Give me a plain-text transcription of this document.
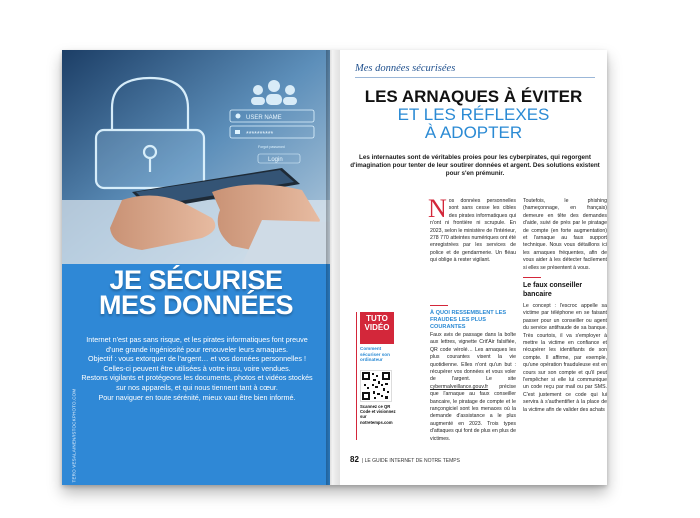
USER NAME
**********
Forgot password
Login
TERO VESALAINEN/ISTOCKPHOTO.COM
JE SÉCURISE
MES DONNÉES

Internet n'est pas sans risque, et les pirates informatiques font preuve

d'une grande ingéniosité pour renouveler leurs arnaques.

Objectif : vous extorquer de l'argent… et vos données personnelles !

Celles-ci peuvent être utilisées à votre insu, voire vendues.

Restons vigilants et protégeons les documents, photos et vidéos stockés

sur nos appareils, et qui nous tiennent tant à cœur.

Pour naviguer en toute sérénité, mieux vaut être bien informé.

Mes données sécurisées
LES ARNAQUES À ÉVITER
ET LES RÉFLEXES
À ADOPTER
Les internautes sont de véritables proies pour les cyberpirates, qui regorgent d'imagination pour tenter de leur soutirer données et argent. Des solutions existent pour s'en prémunir.
Nos données personnelles sont sans cesse les cibles des pirates informatiques qui n'ont ni frontière ni scrupule. En 2023, selon le ministère de l'Intérieur, 278 770 atteintes numériques ont été enregistrées par les services de police et de gendarmerie. Un fléau qui oblige à rester vigilant.
À QUOI RESSEMBLENT LES FRAUDES LES PLUS COURANTES
Faux avis de passage dans la boîte aux lettres, vignette Crit'Air falsifiée, QR code vérolé… Les arnaques les plus courantes visent la vie quotidienne. Elles n'ont qu'un but : récupérer vos données et vous voler de l'argent. Le site cybermalveillance.gouv.fr précise que l'arnaque au faux conseiller bancaire, le piratage de compte et le rançongiciel sont les menaces où la demande d'assistance a le plus augmenté en 2023. Trois types d'attaques qui font de plus en plus de victimes.
Toutefois, le phishing (hameçonnage, en français) demeure en tête des demandes d'aide, suivi de près par le piratage de compte (en forte augmentation) et l'arnaque au faux support technique. Nous vous détaillons ici les arnaques fréquentes, afin de vous aider à les détecter facilement si elles se présentent à vous.
Le faux conseiller bancaire
Le concept : l'escroc appelle sa victime par téléphone en se faisant passer pour un conseiller ou agent du service antifraude de sa banque. Très courtois, il va s'employer à mettre la victime en confiance et récupérer les identifiants de son compte. Il affirme, par exemple, qu'une opération frauduleuse est en cours sur son compte et qu'il peut l'empêcher si elle lui communique un code reçu par mail ou par SMS. C'est justement ce code qui lui servira à s'authentifier à la place de la victime afin de valider des achats
TUTO
VIDÉO
Comment sécuriser son ordinateur
Scannez ce QR Code et visionnez sur notretemps.com
82 | LE GUIDE INTERNET DE NOTRE TEMPS
